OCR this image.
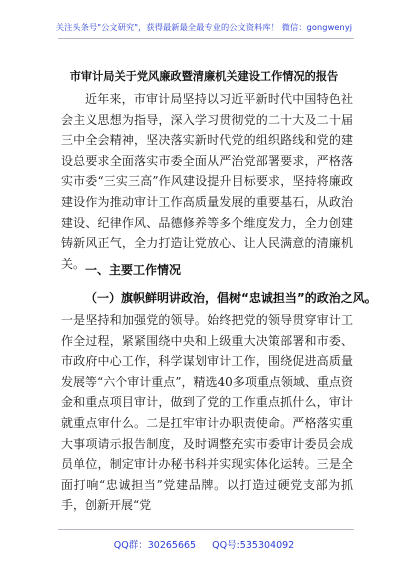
关注头条号"公文研究"，获得最新最全最专业的公文资料库！ 微信：gongwenyj
市审计局关于党风廉政暨清廉机关建设工作情况的报告

近年来，市审计局坚持以习近平新时代中国特色社会主义思想为指导，深入学习贯彻党的二十大及二十届三中全会精神，坚决落实新时代党的组织路线和党的建设总要求全面落实市委全面从严治党部署要求，严格落实市委“三实三高”作风建设提升目标要求，坚持将廉政建设作为推动审计工作高质量发展的重要基石，从政治建设、纪律作风、品德修养等多个维度发力，全力创建铸新风正气，全力打造让党放心、让人民满意的清廉机关。 一、主要工作情况
（一）旗帜鲜明讲政治，倡树“忠诚担当”的政治之风。

一是坚持和加强党的领导。始终把党的领导贯穿审计工作全过程，紧紧围绕中央和上级重大决策部署和市委、市政府中心工作，科学谋划审计工作，围绕促进高质量发展等“六个审计重点”，精选40多项重点领域、重点资金和重点项目审计，做到了党的工作重点抓什么，审计就重点审什么。二是扛牢审计办职责使命。严格落实重大事项请示报告制度，及时调整充实市委审计委员会成员单位，制定审计办秘书科并实现实体化运转。三是全面打响“忠诚担当”党建品牌。以打造过硬党支部为抓手，创新开展“党

QQ群：30265665 QQ号:535304092
